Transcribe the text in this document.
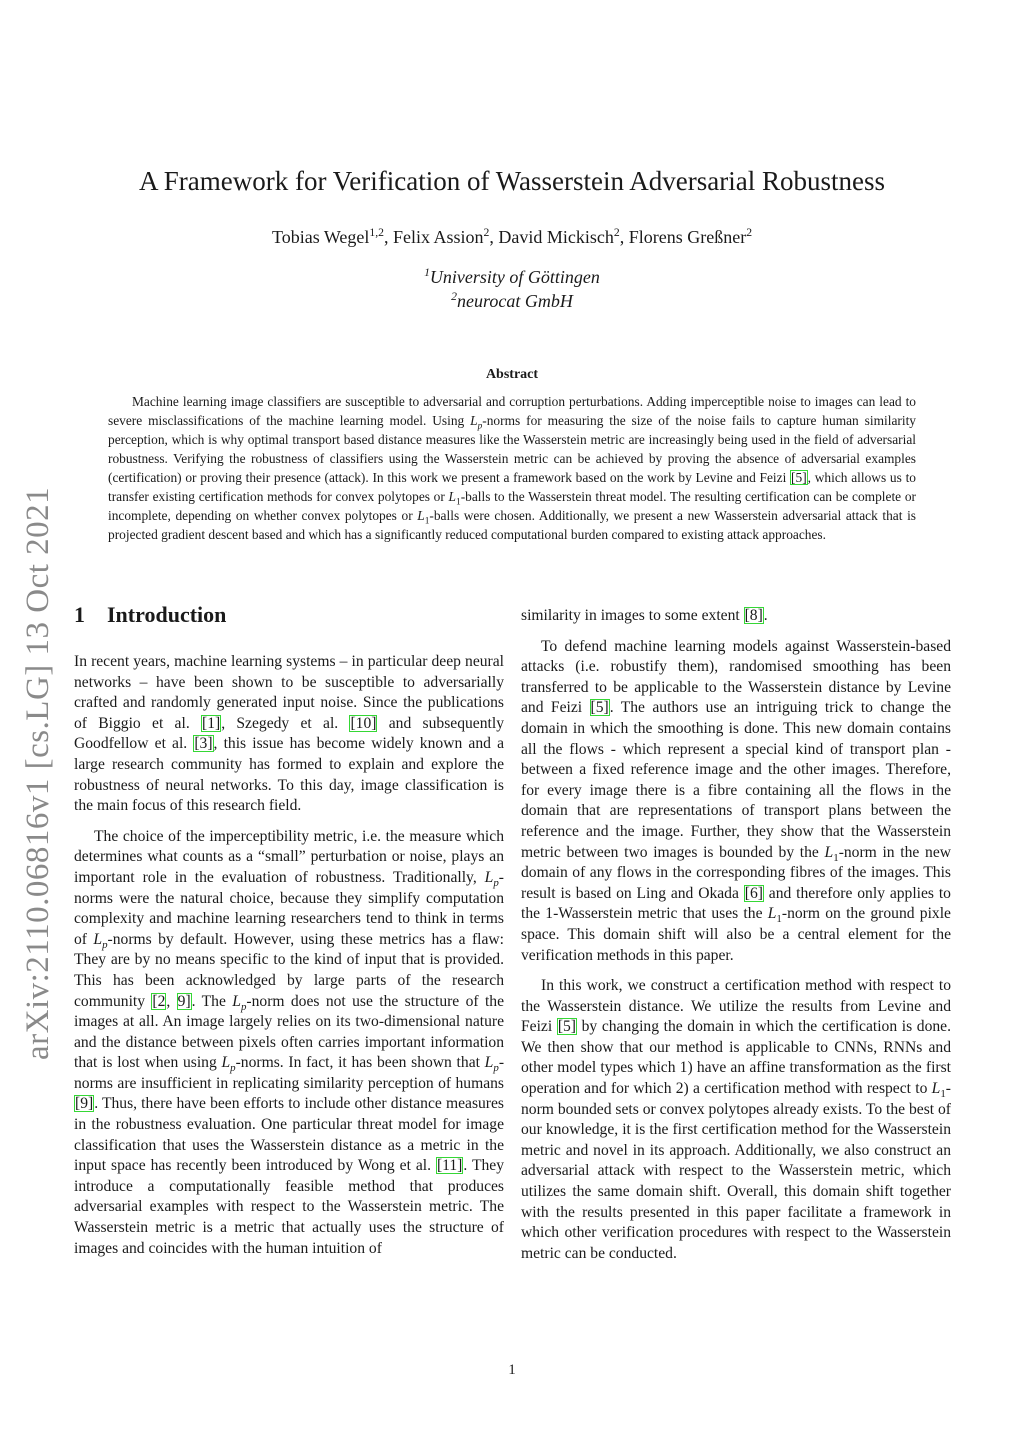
arXiv:2110.06816v1 [cs.LG] 13 Oct 2021
A Framework for Verification of Wasserstein Adversarial Robustness
Tobias Wegel$^{1,2}$, Felix Assion$^2$, David Mickisch$^2$, Florens Greßner$^2$
$^1$University of Göttingen
$^2$neurocat GmbH
Abstract
Machine learning image classifiers are susceptible to adversarial and corruption perturbations. Adding imperceptible noise to images can lead to severe misclassifications of the machine learning model. Using $L_p$-norms for measuring the size of the noise fails to capture human similarity perception, which is why optimal transport based distance measures like the Wasserstein metric are increasingly being used in the field of adversarial robustness. Verifying the robustness of classifiers using the Wasserstein metric can be achieved by proving the absence of adversarial examples (certification) or proving their presence (attack). In this work we present a framework based on the work by Levine and Feizi [5], which allows us to transfer existing certification methods for convex polytopes or $L_1$-balls to the Wasserstein threat model. The resulting certification can be complete or incomplete, depending on whether convex polytopes or $L_1$-balls were chosen. Additionally, we present a new Wasserstein adversarial attack that is projected gradient descent based and which has a significantly reduced computational burden compared to existing attack approaches.
1 Introduction

In recent years, machine learning systems – in particular deep neural networks – have been shown to be susceptible to adversarially crafted and randomly generated input noise. Since the publications of Biggio et al. [1], Szegedy et al. [10] and subsequently Goodfellow et al. [3], this issue has become widely known and a large research community has formed to explain and explore the robustness of neural networks. To this day, image classification is the main focus of this research field.

The choice of the imperceptibility metric, i.e. the measure which determines what counts as a “small” perturbation or noise, plays an important role in the evaluation of robustness. Traditionally, $L_p$-norms were the natural choice, because they simplify computation complexity and machine learning researchers tend to think in terms of $L_p$-norms by default. However, using these metrics has a flaw: They are by no means specific to the kind of input that is provided. This has been acknowledged by large parts of the research community [2, 9]. The $L_p$-norm does not use the structure of the images at all. An image largely relies on its two-dimensional nature and the distance between pixels often carries important information that is lost when using $L_p$-norms. In fact, it has been shown that $L_p$-norms are insufficient in replicating similarity perception of humans [9]. Thus, there have been efforts to include other distance measures in the robustness evaluation. One particular threat model for image classification that uses the Wasserstein distance as a metric in the input space has recently been introduced by Wong et al. [11]. They introduce a computationally feasible method that produces adversarial examples with respect to the Wasserstein metric. The Wasserstein metric is a metric that actually uses the structure of images and coincides with the human intuition of

similarity in images to some extent [8].

To defend machine learning models against Wasserstein-based attacks (i.e. robustify them), randomised smoothing has been transferred to be applicable to the Wasserstein distance by Levine and Feizi [5]. The authors use an intriguing trick to change the domain in which the smoothing is done. This new domain contains all the flows - which represent a special kind of transport plan - between a fixed reference image and the other images. Therefore, for every image there is a fibre containing all the flows in the domain that are representations of transport plans between the reference and the image. Further, they show that the Wasserstein metric between two images is bounded by the $L_1$-norm in the new domain of any flows in the corresponding fibres of the images. This result is based on Ling and Okada [6] and therefore only applies to the 1-Wasserstein metric that uses the $L_1$-norm on the ground pixle space. This domain shift will also be a central element for the verification methods in this paper.

In this work, we construct a certification method with respect to the Wasserstein distance. We utilize the results from Levine and Feizi [5] by changing the domain in which the certification is done. We then show that our method is applicable to CNNs, RNNs and other model types which 1) have an affine transformation as the first operation and for which 2) a certification method with respect to $L_1$-norm bounded sets or convex polytopes already exists. To the best of our knowledge, it is the first certification method for the Wasserstein metric and novel in its approach. Additionally, we also construct an adversarial attack with respect to the Wasserstein metric, which utilizes the same domain shift. Overall, this domain shift together with the results presented in this paper facilitate a framework in which other verification procedures with respect to the Wasserstein metric can be conducted.

1
